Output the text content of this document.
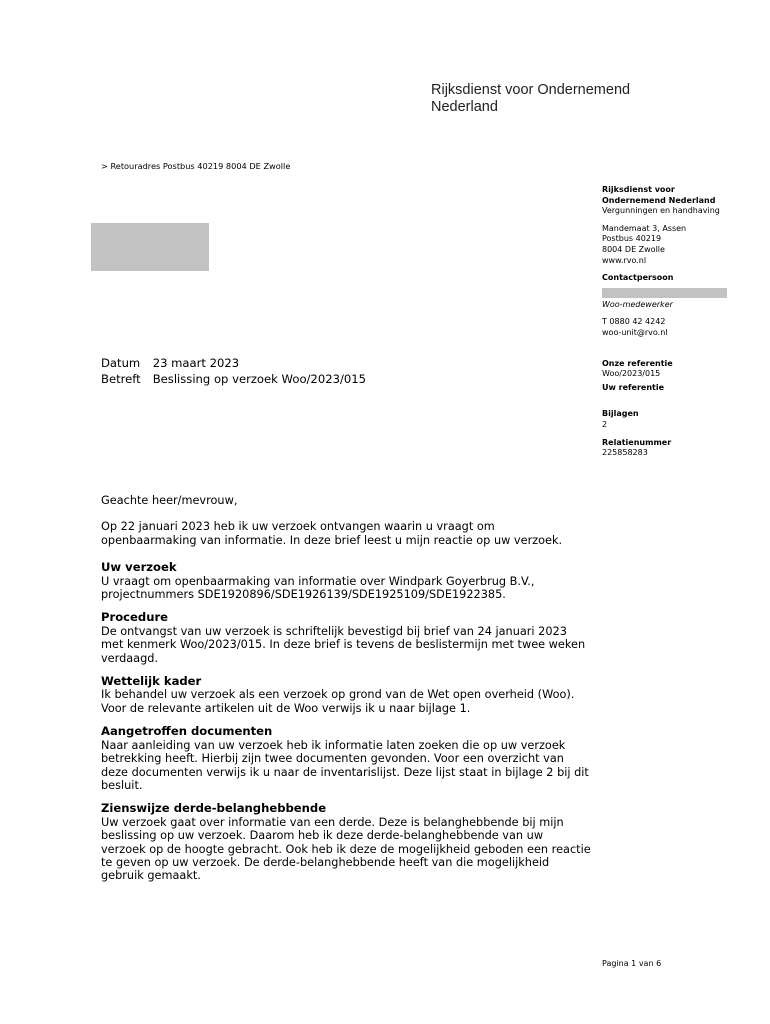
Rijksdienst voor Ondernemend
Nederland
> Retouradres Postbus 40219 8004 DE Zwolle
Rijksdienst voor
Ondernemend Nederland
Vergunningen en handhaving
Mandemaat 3, Assen
Postbus 40219
8004 DE Zwolle
www.rvo.nl
Contactpersoon
Woo-medewerker
T 0880 42 4242
woo-unit@rvo.nl
Onze referentie
Woo/2023/015
Uw referentie
Bijlagen
2
Relatienummer
225858283
Datum 23 maart 2023
Betreft Beslissing op verzoek Woo/2023/015

Geachte heer/mevrouw,

Op 22 januari 2023 heb ik uw verzoek ontvangen waarin u vraagt om openbaarmaking van informatie. In deze brief leest u mijn reactie op uw verzoek.

Uw verzoek
U vraagt om openbaarmaking van informatie over Windpark Goyerbrug B.V., projectnummers SDE1920896/SDE1926139/SDE1925109/SDE1922385.
Procedure
De ontvangst van uw verzoek is schriftelijk bevestigd bij brief van 24 januari 2023 met kenmerk Woo/2023/015. In deze brief is tevens de beslistermijn met twee weken verdaagd.
Wettelijk kader
Ik behandel uw verzoek als een verzoek op grond van de Wet open overheid (Woo). Voor de relevante artikelen uit de Woo verwijs ik u naar bijlage 1.
Aangetroffen documenten
Naar aanleiding van uw verzoek heb ik informatie laten zoeken die op uw verzoek betrekking heeft. Hierbij zijn twee documenten gevonden. Voor een overzicht van deze documenten verwijs ik u naar de inventarislijst. Deze lijst staat in bijlage 2 bij dit besluit.
Zienswijze derde-belanghebbende
Uw verzoek gaat over informatie van een derde. Deze is belanghebbende bij mijn beslissing op uw verzoek. Daarom heb ik deze derde-belanghebbende van uw verzoek op de hoogte gebracht. Ook heb ik deze de mogelijkheid geboden een reactie te geven op uw verzoek. De derde-belanghebbende heeft van die mogelijkheid gebruik gemaakt.
Pagina 1 van 6
